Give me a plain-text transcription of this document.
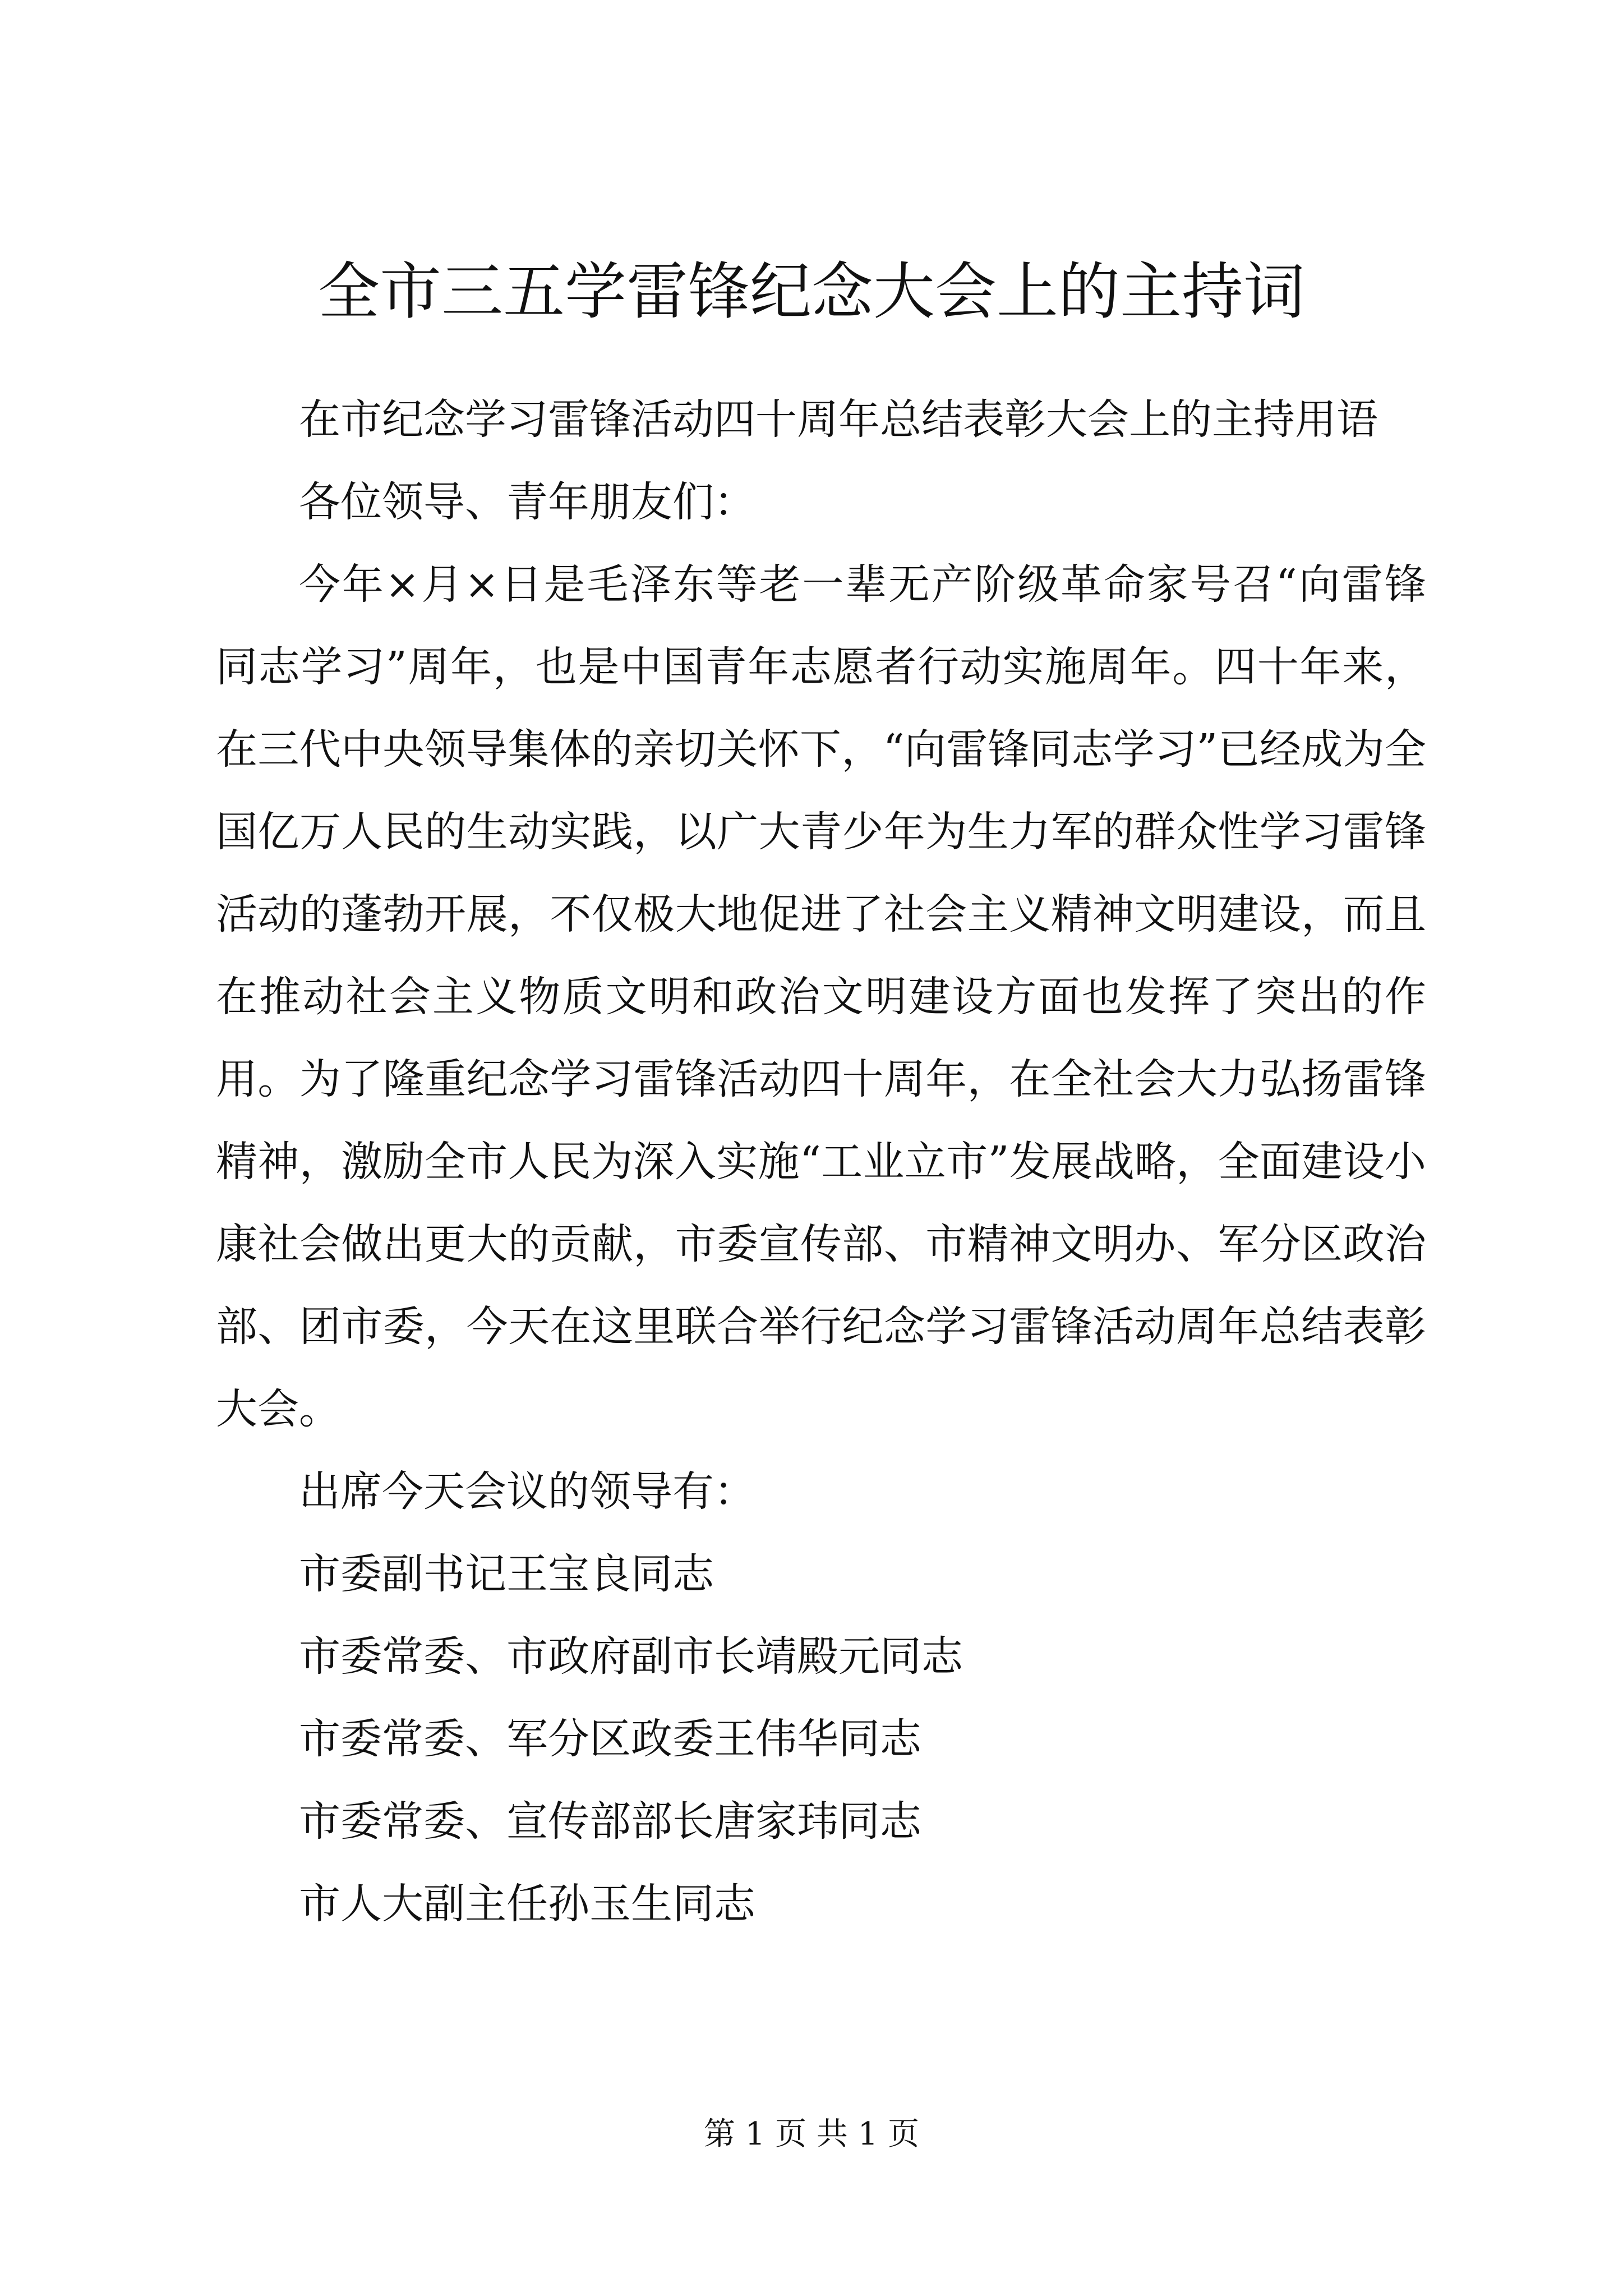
全市三五学雷锋纪念大会上的主持词

在市纪念学习雷锋活动四十周年总结表彰大会上的主持用语

各位领导、青年朋友们：

今年×月×日是毛泽东等老一辈无产阶级革命家号召“向雷锋同志学习”周年，也是中国青年志愿者行动实施周年。四十年来，在三代中央领导集体的亲切关怀下，“向雷锋同志学习”已经成为全国亿万人民的生动实践，以广大青少年为生力军的群众性学习雷锋活动的蓬勃开展，不仅极大地促进了社会主义精神文明建设，而且在推动社会主义物质文明和政治文明建设方面也发挥了突出的作用。为了隆重纪念学习雷锋活动四十周年，在全社会大力弘扬雷锋精神，激励全市人民为深入实施“工业立市”发展战略，全面建设小康社会做出更大的贡献，市委宣传部、市精神文明办、军分区政治部、团市委，今天在这里联合举行纪念学习雷锋活动周年总结表彰大会。

出席今天会议的领导有：

市委副书记王宝良同志

市委常委、市政府副市长靖殿元同志

市委常委、军分区政委王伟华同志

市委常委、宣传部部长唐家玮同志

市人大副主任孙玉生同志

第 1 页 共 1 页
